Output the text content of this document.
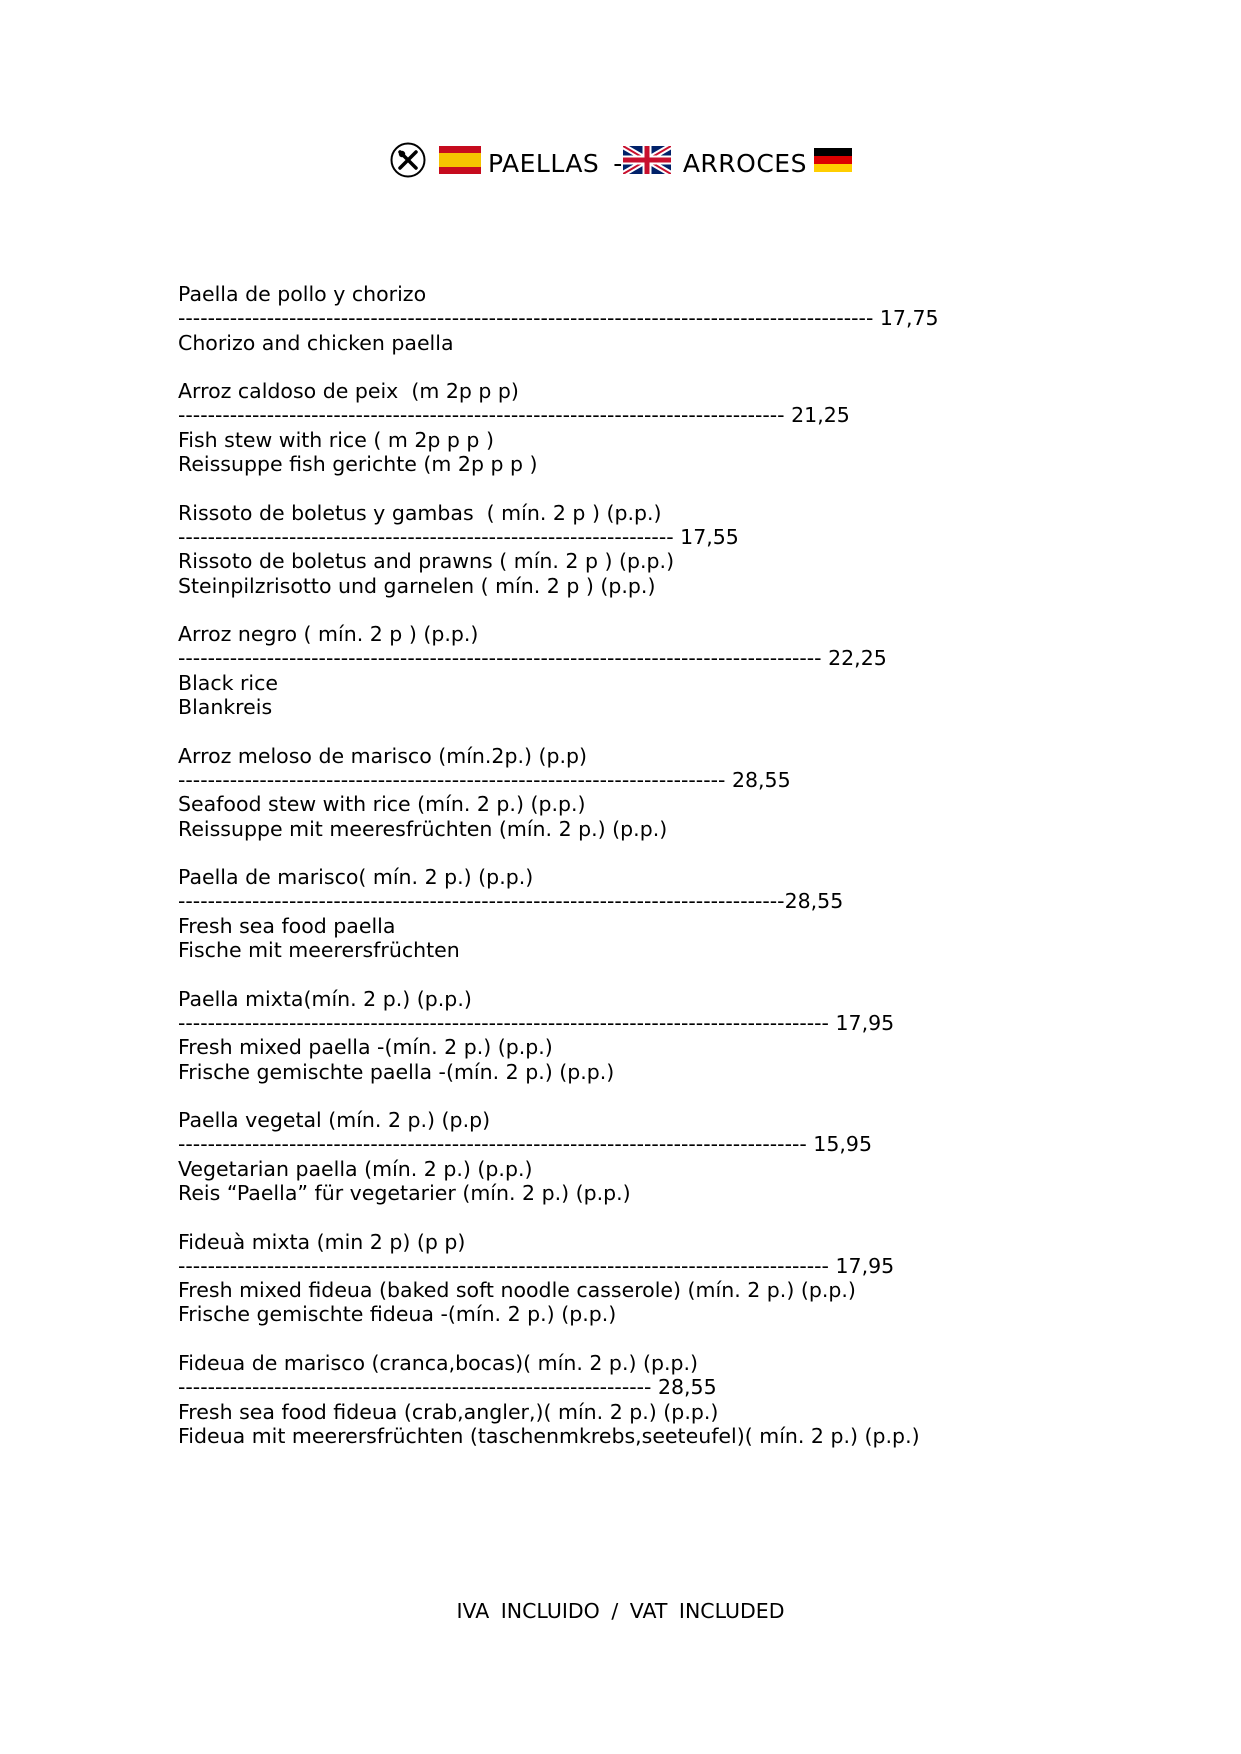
PAELLAS - ARROCES
Paella de pollo y chorizo
---------------------------------------------------------------------------------------------- 17,75
Chorizo and chicken paella
Arroz caldoso de peix  (m 2p p p)
---------------------------------------------------------------------------------- 21,25
Fish stew with rice ( m 2p p p )
Reissuppe fish gerichte (m 2p p p )
Rissoto de boletus y gambas  ( mín. 2 p ) (p.p.)
------------------------------------------------------------------- 17,55
Rissoto de boletus and prawns ( mín. 2 p ) (p.p.)
Steinpilzrisotto und garnelen ( mín. 2 p ) (p.p.)
Arroz negro ( mín. 2 p ) (p.p.)
--------------------------------------------------------------------------------------- 22,25
Black rice
Blankreis
Arroz meloso de marisco (mín.2p.) (p.p)
-------------------------------------------------------------------------- 28,55
Seafood stew with rice (mín. 2 p.) (p.p.)
Reissuppe mit meeresfrüchten (mín. 2 p.) (p.p.)
Paella de marisco( mín. 2 p.) (p.p.)
----------------------------------------------------------------------------------28,55
Fresh sea food paella
Fische mit meerersfrüchten
Paella mixta(mín. 2 p.) (p.p.)
---------------------------------------------------------------------------------------- 17,95
Fresh mixed paella -(mín. 2 p.) (p.p.)
Frische gemischte paella -(mín. 2 p.) (p.p.)
Paella vegetal (mín. 2 p.) (p.p)
------------------------------------------------------------------------------------- 15,95
Vegetarian paella (mín. 2 p.) (p.p.)
Reis “Paella” für vegetarier (mín. 2 p.) (p.p.)
Fideuà mixta (min 2 p) (p p)
---------------------------------------------------------------------------------------- 17,95
Fresh mixed fideua (baked soft noodle casserole) (mín. 2 p.) (p.p.)
Frische gemischte fideua -(mín. 2 p.) (p.p.)
Fideua de marisco (cranca,bocas)( mín. 2 p.) (p.p.)
---------------------------------------------------------------- 28,55
Fresh sea food fideua (crab,angler,)( mín. 2 p.) (p.p.)
Fideua mit meerersfrüchten (taschenmkrebs,seeteufel)( mín. 2 p.) (p.p.)
IVA INCLUIDO / VAT INCLUDED
